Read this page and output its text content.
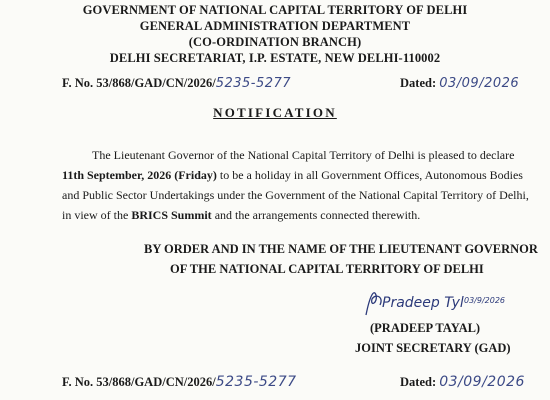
GOVERNMENT OF NATIONAL CAPITAL TERRITORY OF DELHI
GENERAL ADMINISTRATION DEPARTMENT
(CO-ORDINATION BRANCH)
DELHI SECRETARIAT, I.P. ESTATE, NEW DELHI-110002
F. No. 53/868/GAD/CN/2026/5235-5277	Dated: 03/09/2026
NOTIFICATION
The Lieutenant Governor of the National Capital Territory of Delhi is pleased to declare
11th September, 2026 (Friday) to be a holiday in all Government Offices, Autonomous Bodies
and Public Sector Undertakings under the Government of the National Capital Territory of Delhi,
in view of the BRICS Summit and the arrangements connected therewith.
BY ORDER AND IN THE NAME OF THE LIEUTENANT GOVERNOR
OF THE NATIONAL CAPITAL TERRITORY OF DELHI
Pradeep Tyl 03/9/2026
(PRADEEP TAYAL)
JOINT SECRETARY (GAD)
F. No. 53/868/GAD/CN/2026/5235-5277	Dated: 03/09/2026
